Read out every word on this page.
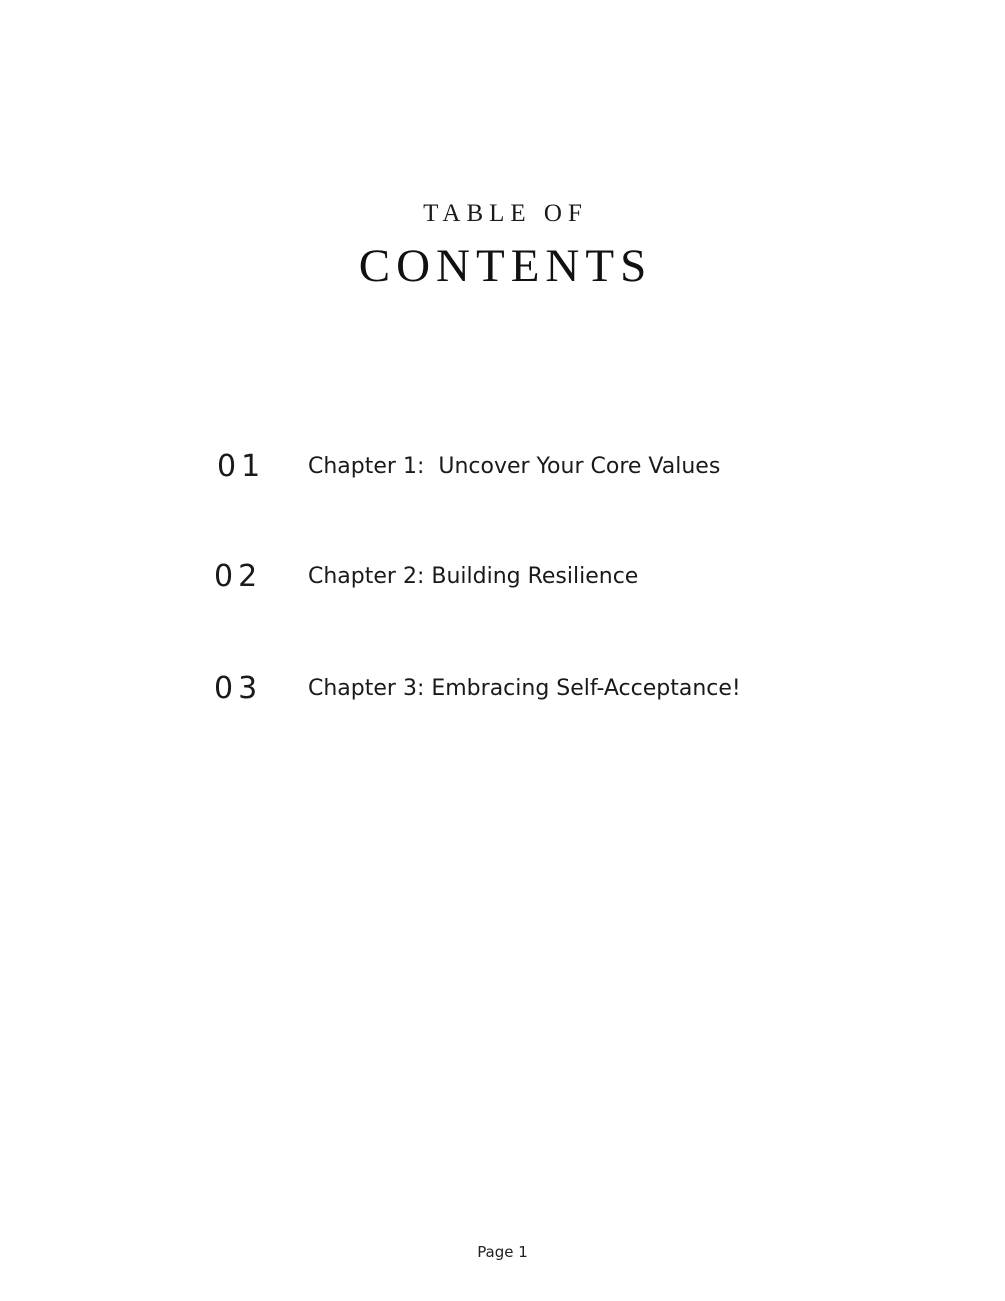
TABLE OF
CONTENTS
01 Chapter 1:  Uncover Your Core Values
02 Chapter 2: Building Resilience
03 Chapter 3: Embracing Self-Acceptance!
Page 1
